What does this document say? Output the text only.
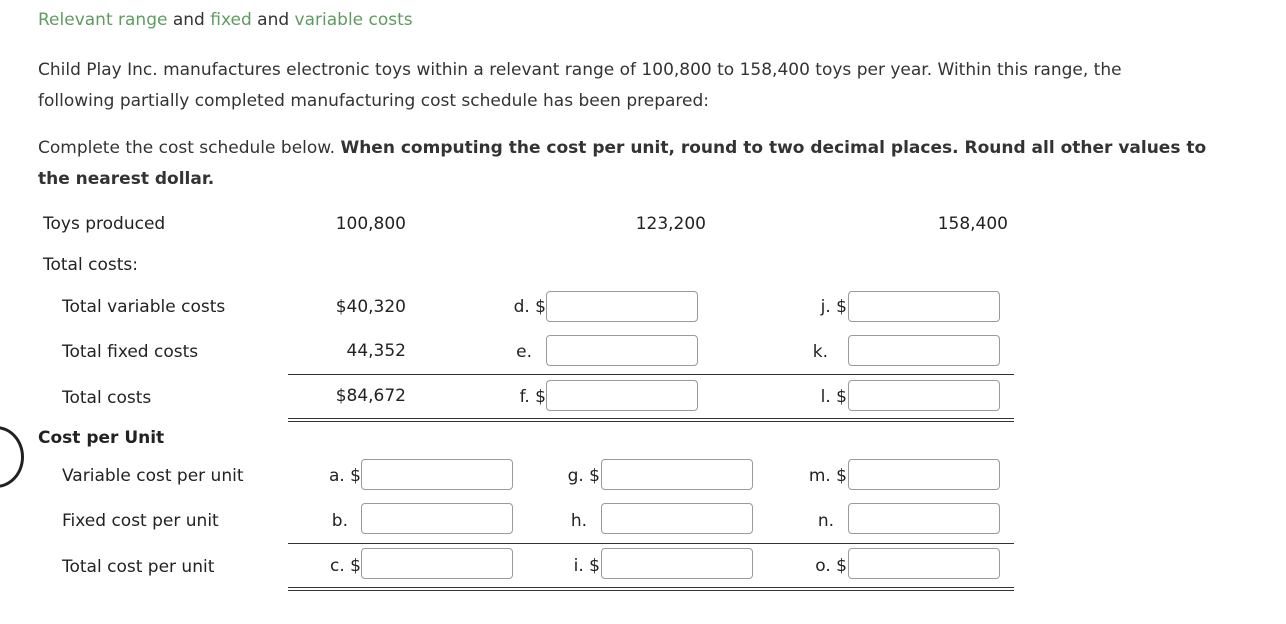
Relevant range and fixed and variable costs
Child Play Inc. manufactures electronic toys within a relevant range of 100,800 to 158,400 toys per year. Within this range, the
following partially completed manufacturing cost schedule has been prepared:
Complete the cost schedule below. When computing the cost per unit, round to two decimal places. Round all other values to
the nearest dollar.
Toys produced	100,800	123,200	158,400
Total costs:
Total variable costs	$40,320	d. $	j. $
Total fixed costs	44,352	e.	k.
Total costs	$84,672	f. $	l. $
Cost per Unit
Variable cost per unit	a. $	g. $	m. $
Fixed cost per unit	b.	h.	n.
Total cost per unit	c. $	i. $	o. $
